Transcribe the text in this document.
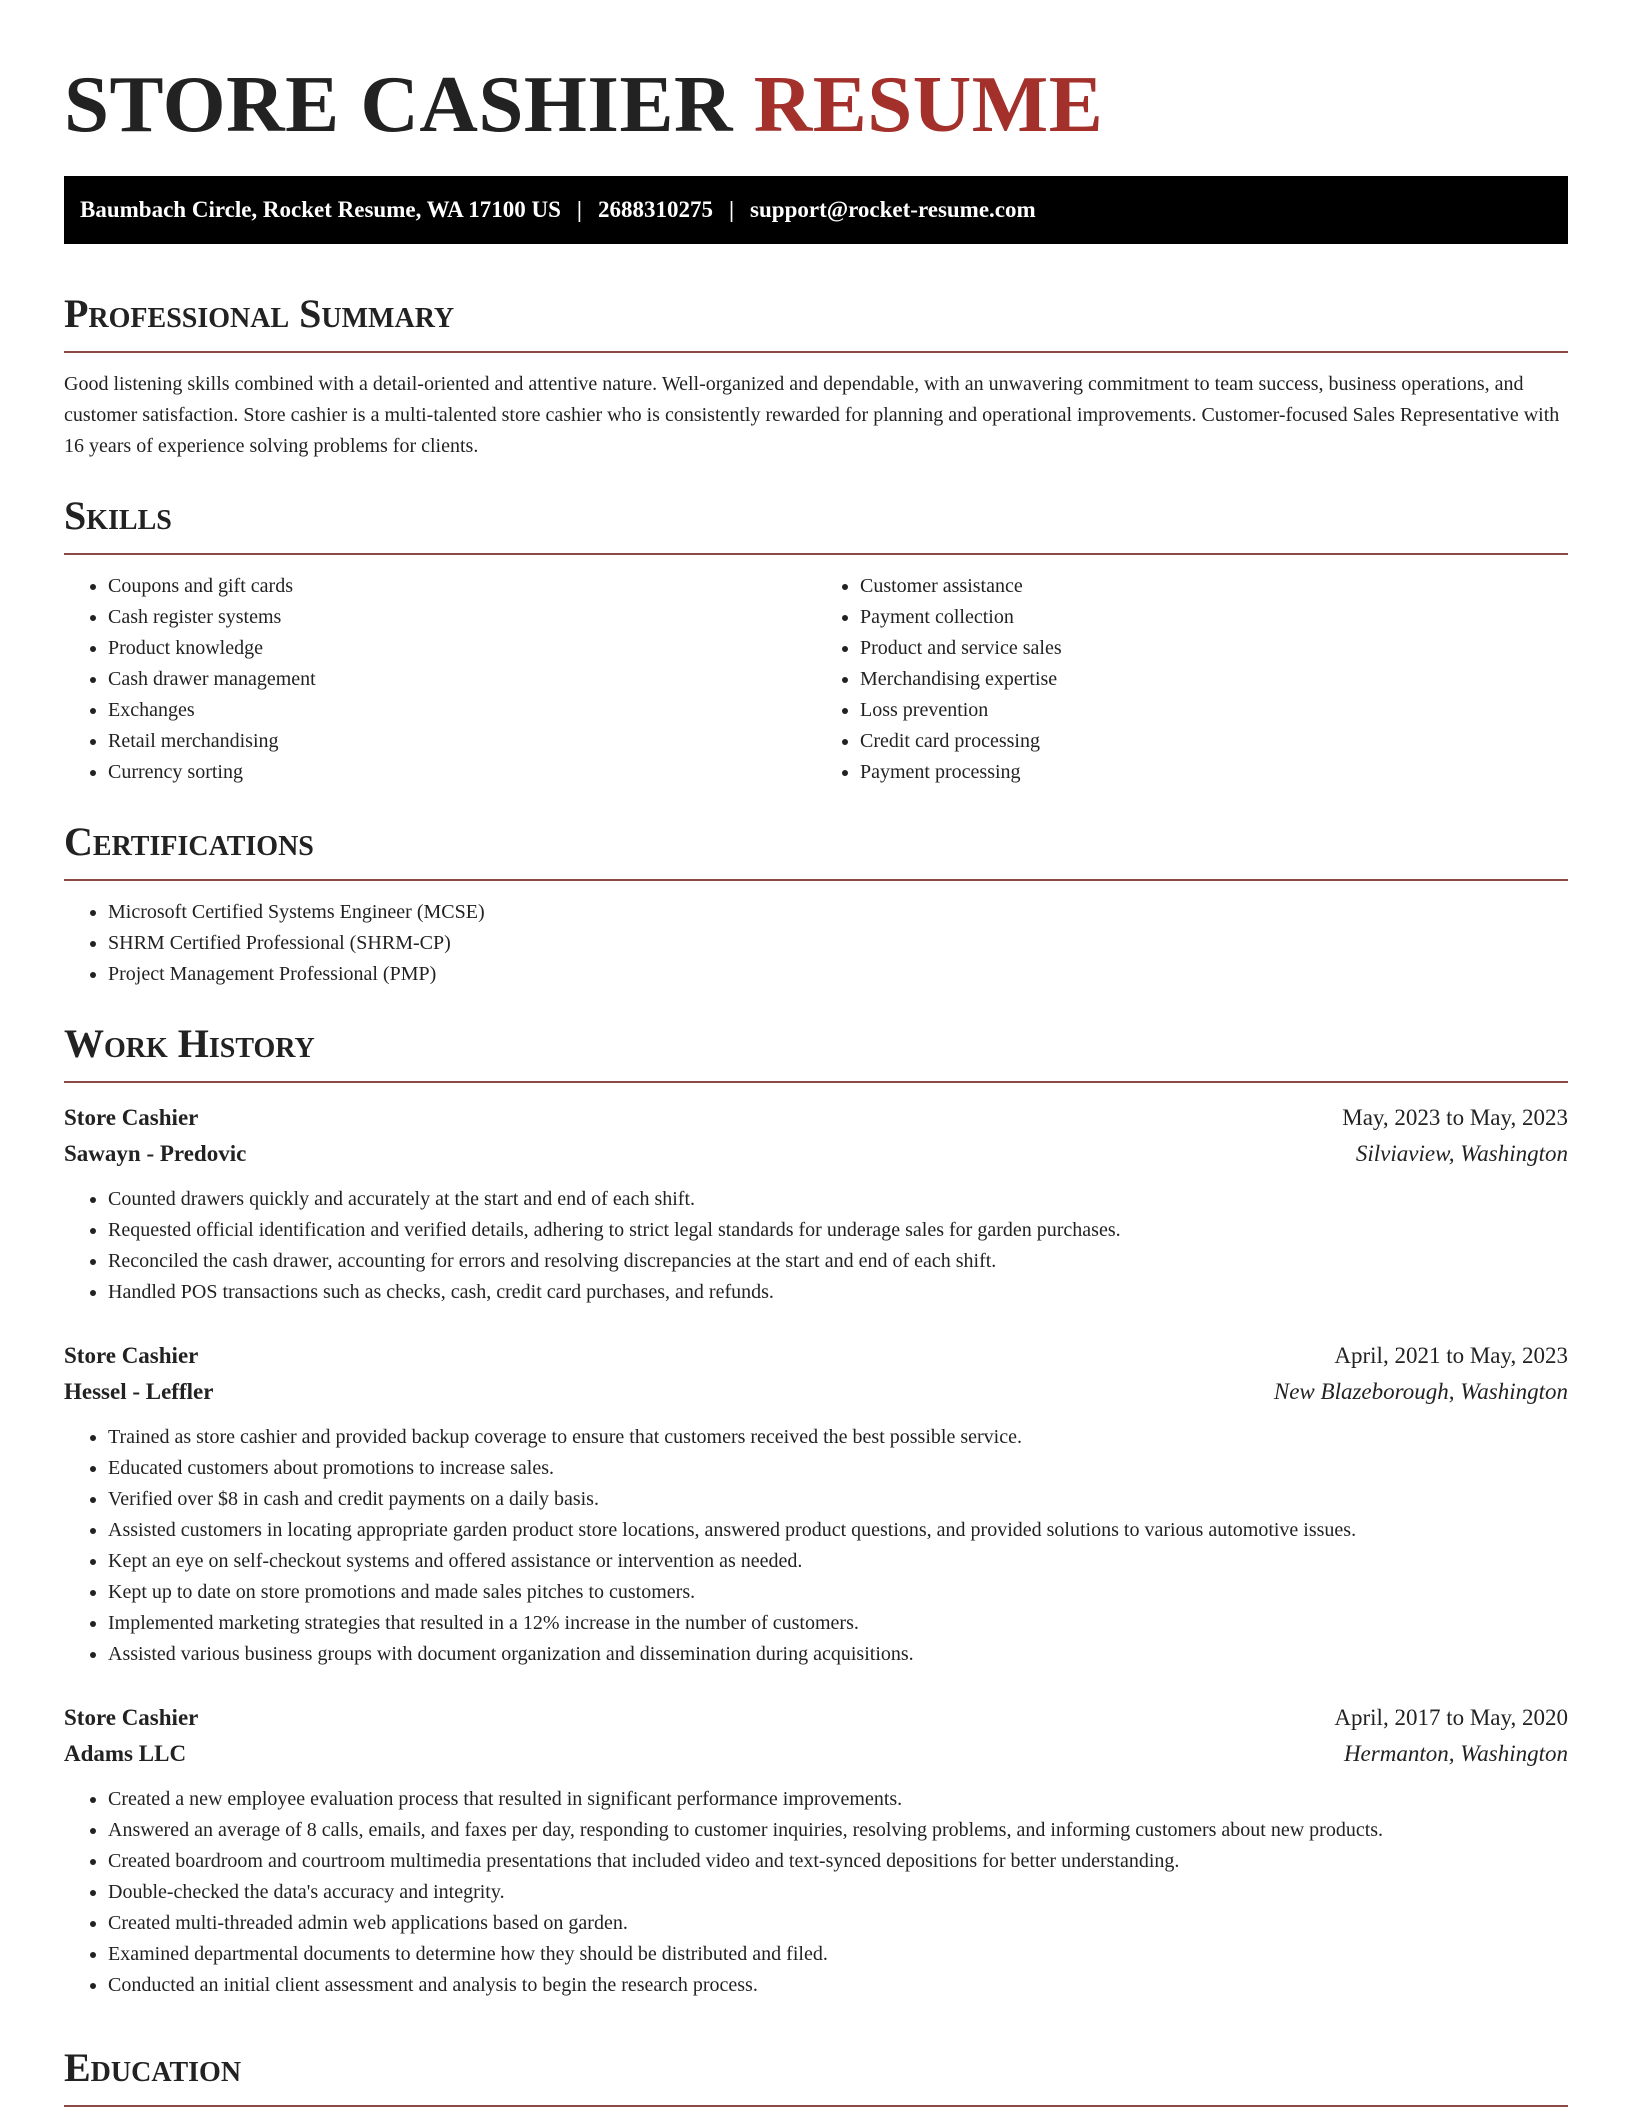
STORE CASHIER RESUME
Baumbach Circle, Rocket Resume, WA 17100 US | 2688310275 | support@rocket-resume.com
Professional Summary

Good listening skills combined with a detail-oriented and attentive nature. Well-organized and dependable, with an unwavering commitment to team success, business operations, and customer satisfaction. Store cashier is a multi-talented store cashier who is consistently rewarded for planning and operational improvements. Customer-focused Sales Representative with 16 years of experience solving problems for clients.

Skills
• Coupons and gift cards
• Cash register systems
• Product knowledge
• Cash drawer management
• Exchanges
• Retail merchandising
• Currency sorting
• Customer assistance
• Payment collection
• Product and service sales
• Merchandising expertise
• Loss prevention
• Credit card processing
• Payment processing
Certifications
• Microsoft Certified Systems Engineer (MCSE)
• SHRM Certified Professional (SHRM-CP)
• Project Management Professional (PMP)
Work History
Store Cashier	May, 2023 to May, 2023
Sawayn - Predovic	Silviaview, Washington
• Counted drawers quickly and accurately at the start and end of each shift.
• Requested official identification and verified details, adhering to strict legal standards for underage sales for garden purchases.
• Reconciled the cash drawer, accounting for errors and resolving discrepancies at the start and end of each shift.
• Handled POS transactions such as checks, cash, credit card purchases, and refunds.
Store Cashier	April, 2021 to May, 2023
Hessel - Leffler	New Blazeborough, Washington
• Trained as store cashier and provided backup coverage to ensure that customers received the best possible service.
• Educated customers about promotions to increase sales.
• Verified over $8 in cash and credit payments on a daily basis.
• Assisted customers in locating appropriate garden product store locations, answered product questions, and provided solutions to various automotive issues.
• Kept an eye on self-checkout systems and offered assistance or intervention as needed.
• Kept up to date on store promotions and made sales pitches to customers.
• Implemented marketing strategies that resulted in a 12% increase in the number of customers.
• Assisted various business groups with document organization and dissemination during acquisitions.
Store Cashier	April, 2017 to May, 2020
Adams LLC	Hermanton, Washington
• Created a new employee evaluation process that resulted in significant performance improvements.
• Answered an average of 8 calls, emails, and faxes per day, responding to customer inquiries, resolving problems, and informing customers about new products.
• Created boardroom and courtroom multimedia presentations that included video and text-synced depositions for better understanding.
• Double-checked the data's accuracy and integrity.
• Created multi-threaded admin web applications based on garden.
• Examined departmental documents to determine how they should be distributed and filed.
• Conducted an initial client assessment and analysis to begin the research process.
Education
